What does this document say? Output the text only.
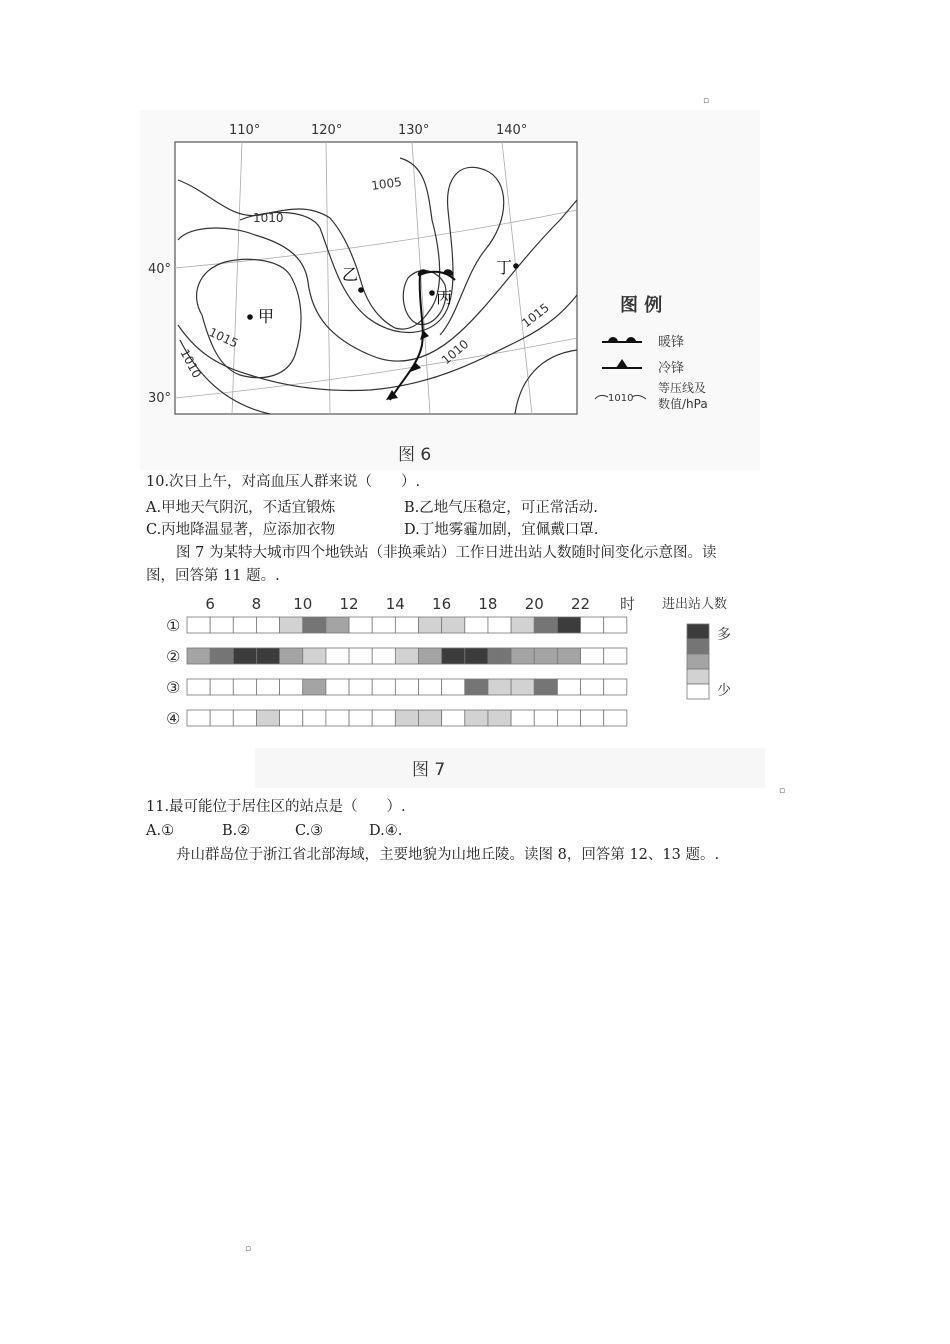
▫
▫
▫
甲
乙
丙
丁
1005
1010
1015	1010
1015
1010
110°	120°	130°	140°
40°
30°
图 例
暖锋
冷锋
1010
等压线及
数值/hPa
图 6
10.次日上午，对高血压人群来说（　　）.
A.甲地天气阴沉，不适宜锻炼	B.乙地气压稳定，可正常活动.
C.丙地降温显著，应添加衣物	D.丁地雾霾加剧，宜佩戴口罩.
图 7 为某特大城市四个地铁站（非换乘站）工作日进出站人数随时间变化示意图。读
图，回答第 11 题。.
6 8 10 12 14 16 18 20 22 时
①
②
③
④
进出站人数
多
少
图 7
11.最可能位于居住区的站点是（　　）.
A.①	B.②	C.③	D.④.
舟山群岛位于浙江省北部海域，主要地貌为山地丘陵。读图 8，回答第 12、13 题。.
